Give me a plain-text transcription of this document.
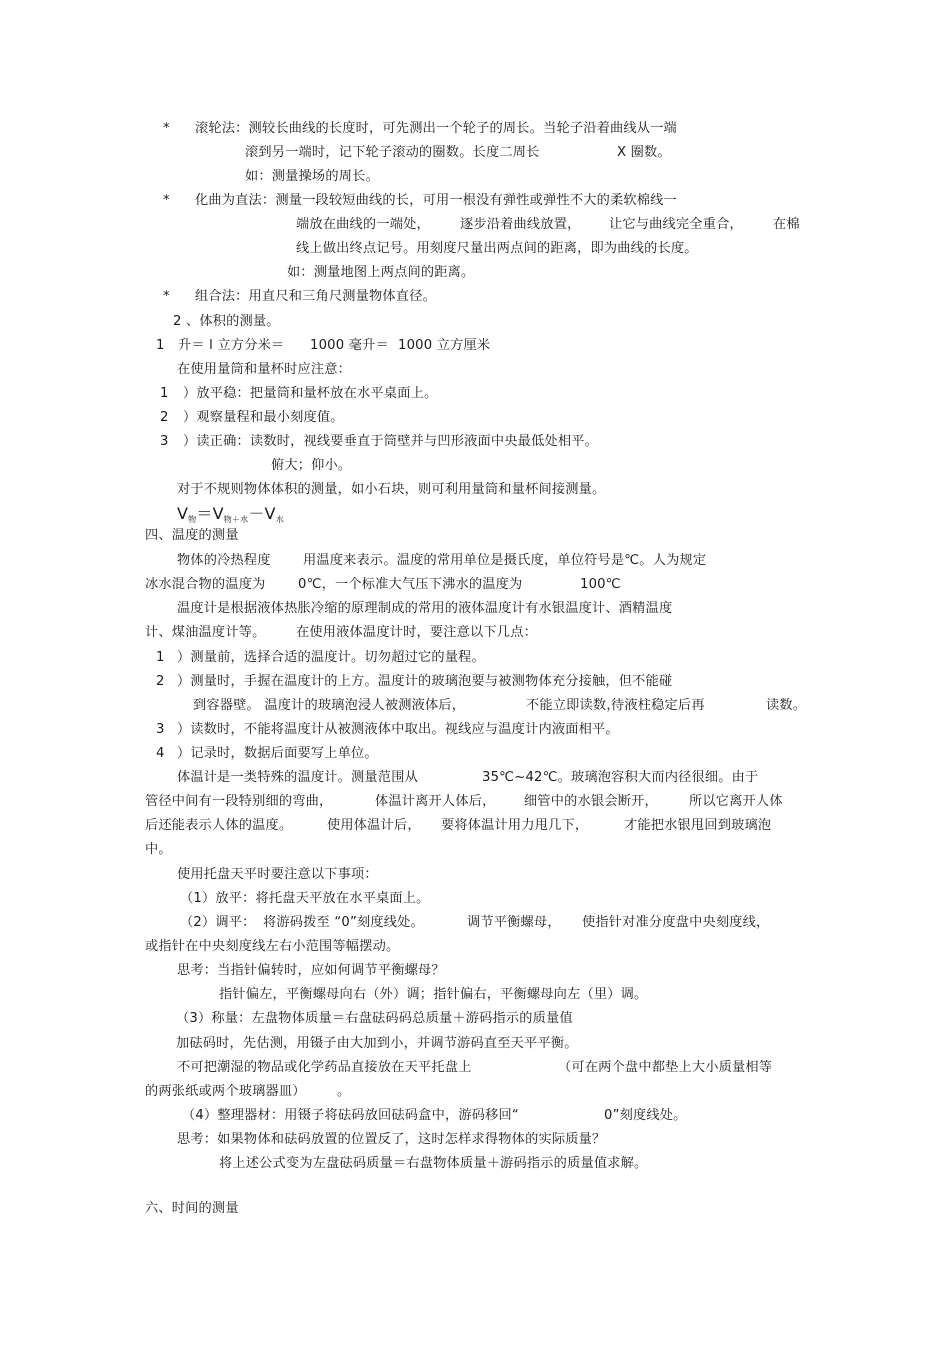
V物＝V物＋水－V水
* 滚轮法：测较长曲线的长度时，可先测出一个轮子的周长。当轮子沿着曲线从一端
滚到另一端时，记下轮子滚动的圈数。长度二周长	X 圈数。
如：测量操场的周长。
* 化曲为直法：测量一段较短曲线的长，可用一根没有弹性或弹性不大的柔软棉线一
端放在曲线的一端处， 逐步沿着曲线放置， 让它与曲线完全重合， 在棉
线上做出终点记号。用刻度尺量出两点间的距离，即为曲线的长度。
如：测量地图上两点间的距离。
* 组合法：用直尺和三角尺测量物体直径。
2 、体积的测量。
1 升＝ l 立方分米＝ 1000 毫升＝ 1000 立方厘米
在使用量筒和量杯时应注意：
1 ）放平稳：把量筒和量杯放在水平桌面上。
2 ）观察量程和最小刻度值。
3 ）读正确：读数时，视线要垂直于筒壁并与凹形液面中央最低处相平。
俯大；仰小。
对于不规则物体体积的测量，如小石块，则可利用量筒和量杯间接测量。
四、温度的测量
物体的冷热程度 用温度来表示。温度的常用单位是摄氏度，单位符号是℃。人为规定
冰水混合物的温度为 0℃，一个标准大气压下沸水的温度为	100℃
温度计是根据液体热胀冷缩的原理制成的常用的液体温度计有水银温度计、酒精温度
计、煤油温度计等。 在使用液体温度计时，要注意以下几点：
1 ）测量前，选择合适的温度计。切勿超过它的量程。
2 ）测量时，手握在温度计的上方。温度计的玻璃泡要与被测物体充分接触，但不能碰
到容器壁。 温度计的玻璃泡浸人被测液体后，	不能立即读数，
待液柱稳定后再	读数。
3 ）读数时，不能将温度计从被测液体中取出。视线应与温度计内液面相平。
4 ）记录时，数据后面要写上单位。
体温计是一类特殊的温度计。测量范围从	35℃~42℃。玻璃泡容积大而内径很细。由于
管径中间有一段特别细的弯曲，	体温计离开人体后， 细管中的水银会断开， 所以它离开人体
后还能表示人体的温度。	使用体温计后， 要将体温计用力甩几下，	才能把水银甩回到玻璃泡
中。
使用托盘天平时要注意以下事项：
（1）放平：将托盘天平放在水平桌面上。
（2）调平： 将游码拨至 “0”刻度线处。	调节平衡螺母， 使指针对准分度盘中央刻度线，
或指针在中央刻度线左右小范围等幅摆动。
思考：当指针偏转时，应如何调节平衡螺母？
指针偏左，平衡螺母向右（外）调；指针偏右，平衡螺母向左（里）调。
（3）称量：左盘物体质量＝右盘砝码码总质量＋游码指示的质量值
加砝码时，先估测，用镊子由大加到小，并调节游码直至天平平衡。
不可把潮湿的物品或化学药品直接放在天平托盘上	（可在两个盘中都垫上大小质量相等
的两张纸或两个玻璃器皿） 。
（4）整理器材：用镊子将砝码放回砝码盒中，游码移回“	0”刻度线处。
思考：如果物体和砝码放置的位置反了，这时怎样求得物体的实际质量？
将上述公式变为左盘砝码质量＝右盘物体质量＋游码指示的质量值求解。
六、时间的测量
